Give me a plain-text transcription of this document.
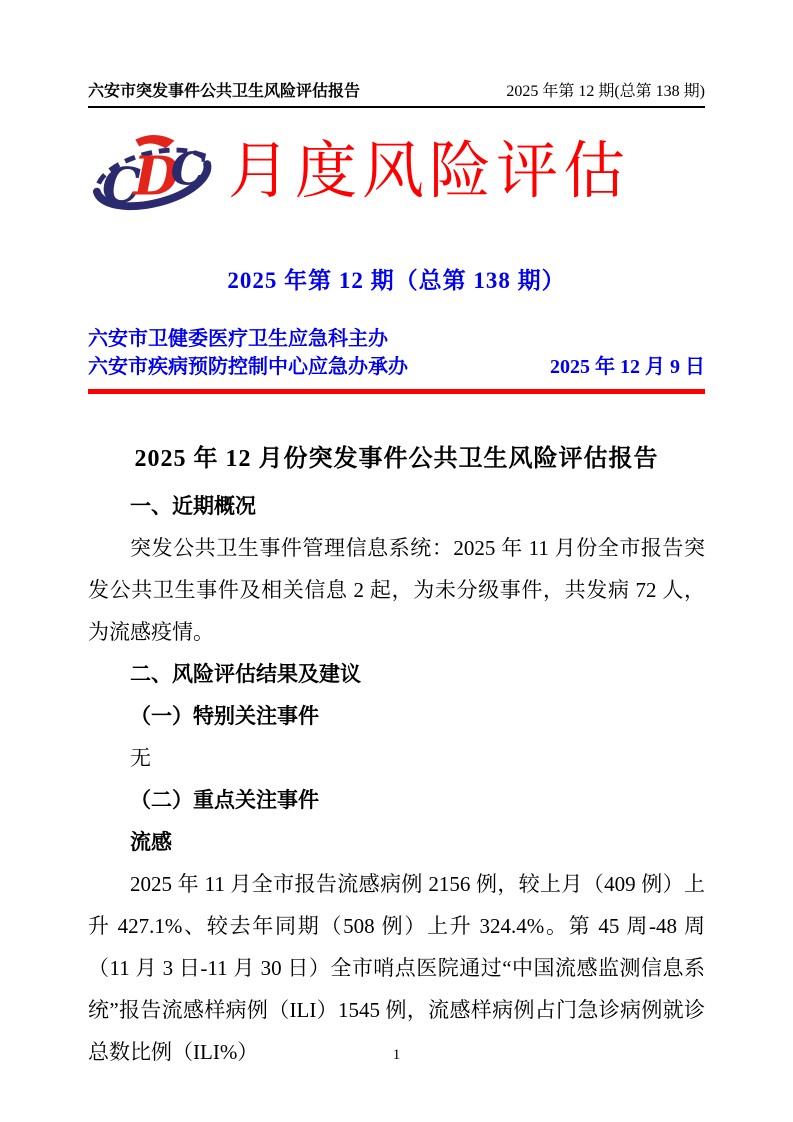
六安市突发事件公共卫生风险评估报告	2025 年第 12 期(总第 138 期)
C
D
C 月度风险评估
2025 年第 12 期（总第 138 期）
六安市卫健委医疗卫生应急科主办
六安市疾病预防控制中心应急办承办	2025 年 12 月 9 日
2025 年 12 月份突发事件公共卫生风险评估报告
一、近期概况

突发公共卫生事件管理信息系统：2025 年 11 月份全市报告突发公共卫生事件及相关信息 2 起，为未分级事件，共发病 72 人，为流感疫情。

二、风险评估结果及建议
（一）特别关注事件
无
（二）重点关注事件
流感

2025 年 11 月全市报告流感病例 2156 例，较上月（409 例）上升 427.1%、较去年同期（508 例）上升 324.4%。第 45 周-48 周（11 月 3 日-11 月 30 日）全市哨点医院通过“中国流感监测信息系统”报告流感样病例（ILI）1545 例，流感样病例占门急诊病例就诊总数比例（ILI%）	1
